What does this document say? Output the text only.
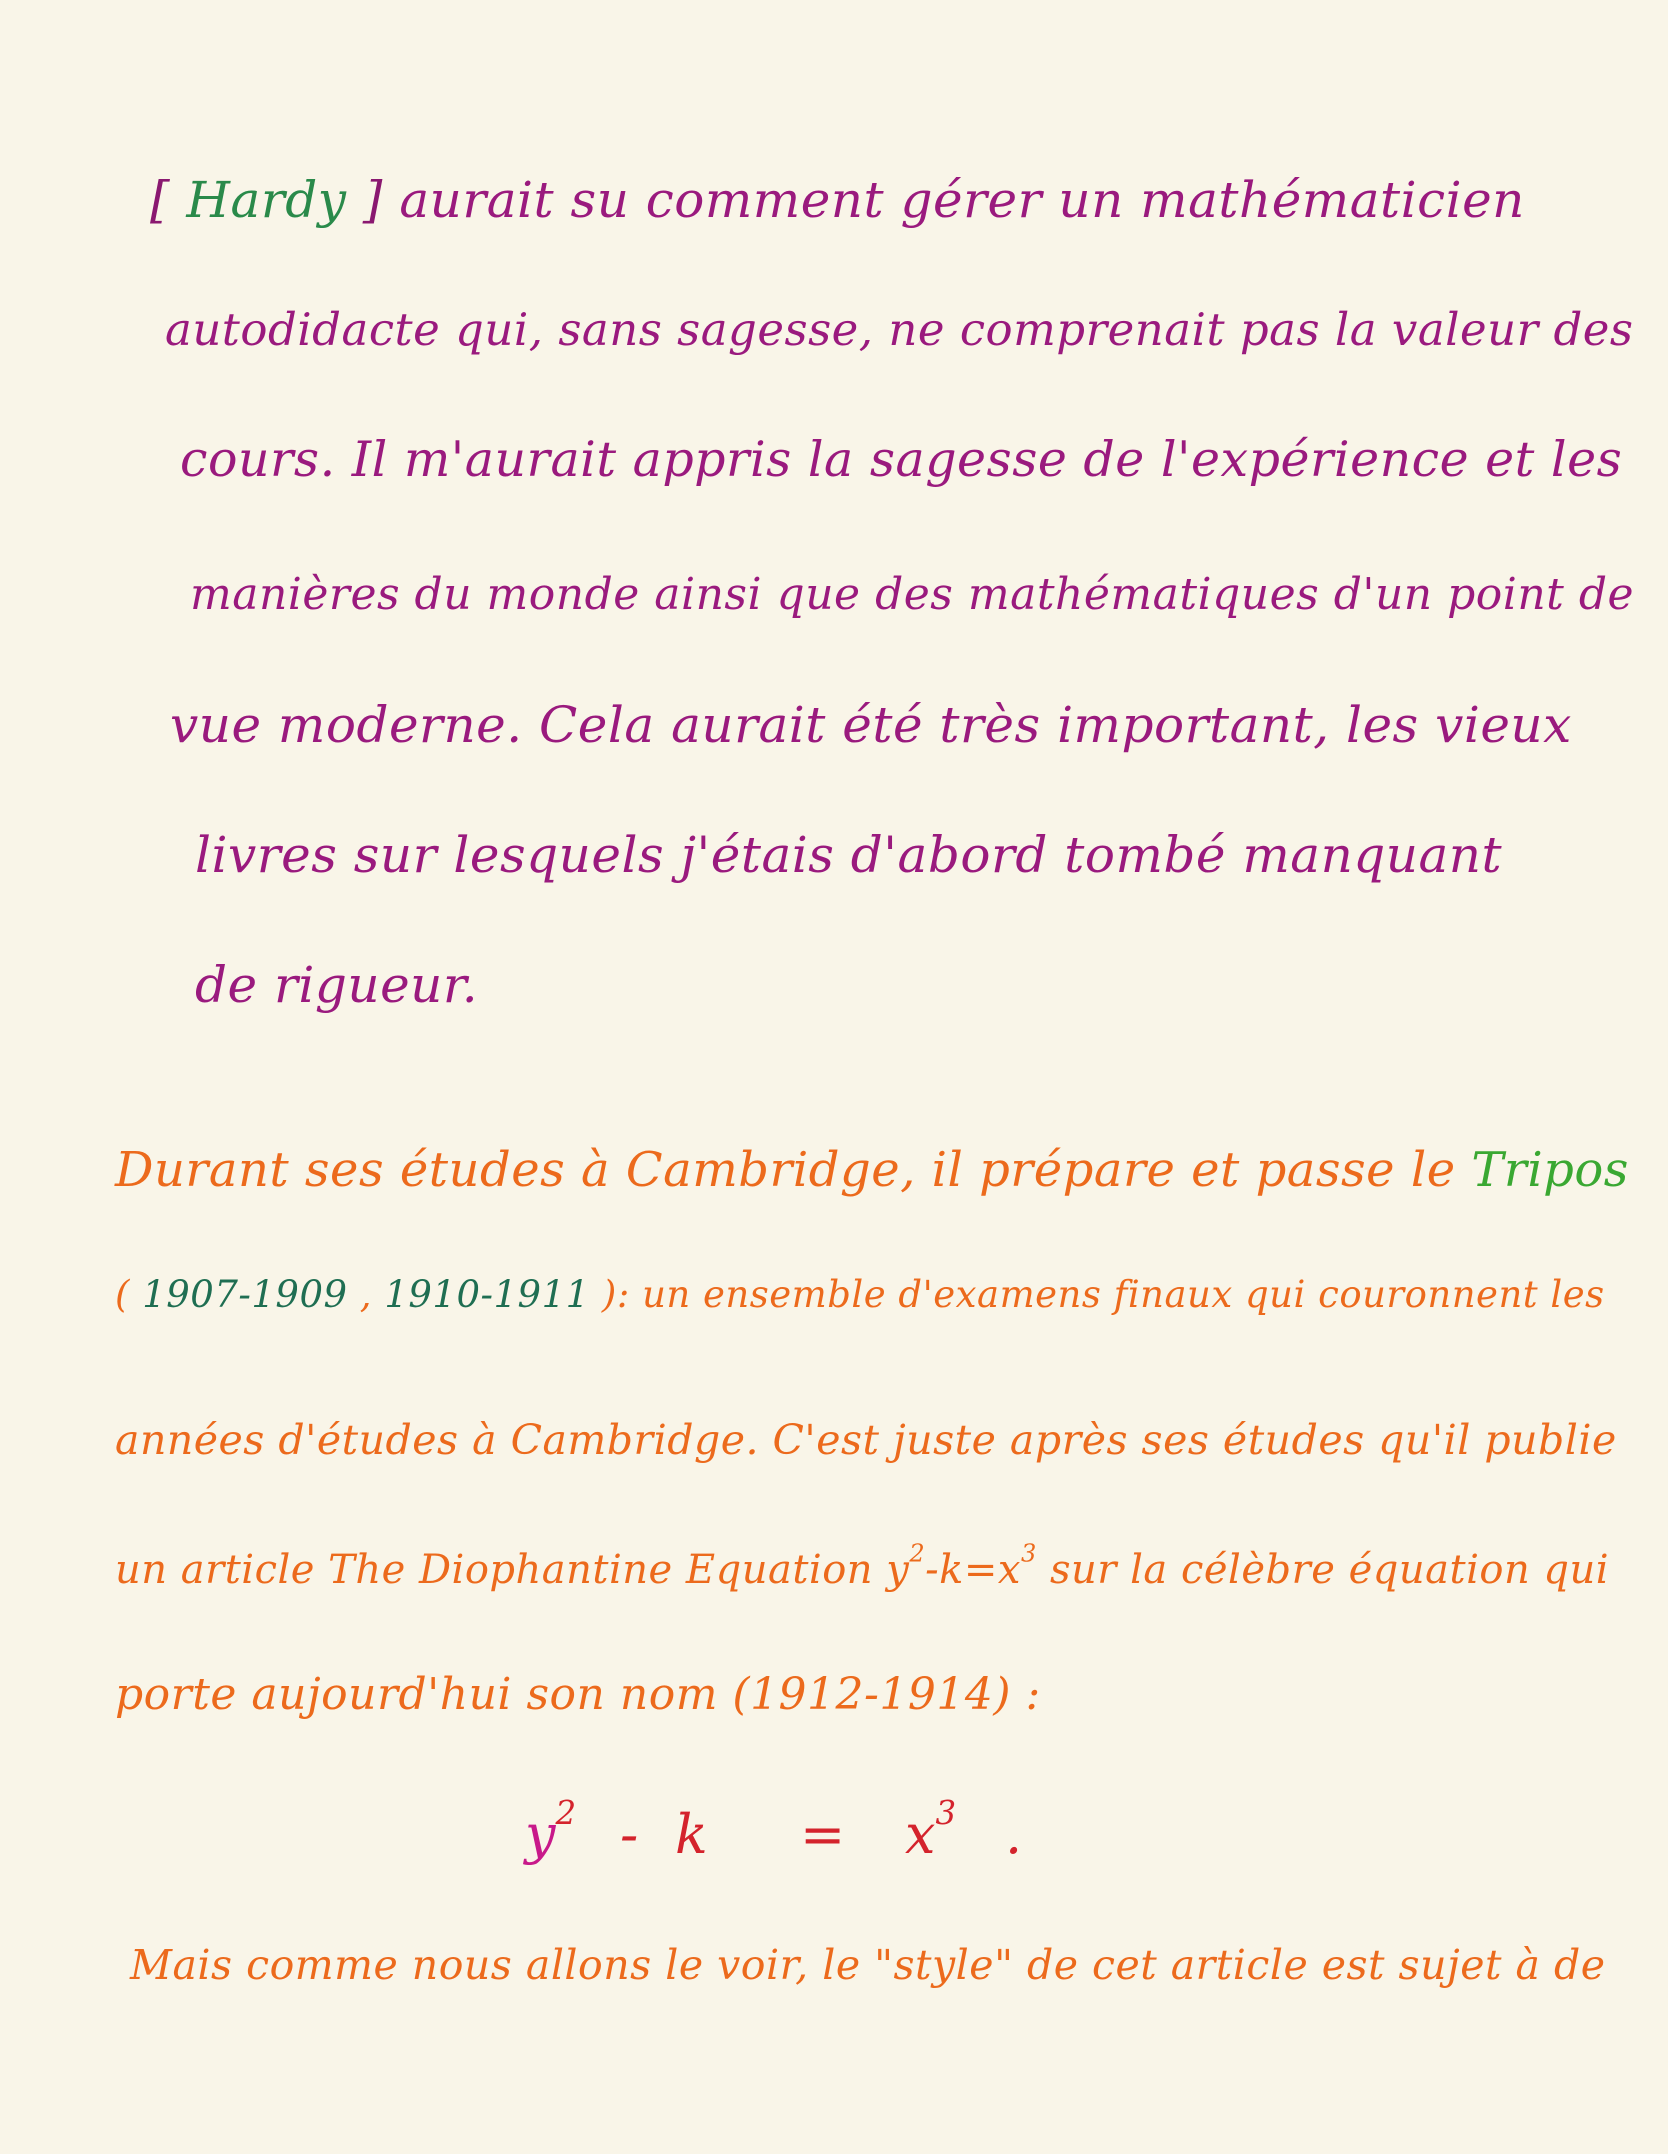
[ Hardy ] aurait su comment gérer un mathématicien
autodidacte qui, sans sagesse, ne comprenait pas la valeur des
cours. Il m'aurait appris la sagesse de l'expérience et les
manières du monde ainsi que des mathématiques d'un point de
vue moderne. Cela aurait été très important, les vieux
livres sur lesquels j'étais d'abord tombé manquant
de rigueur.
Durant ses études à Cambridge, il prépare et passe le Tripos
( 1907-1909 , 1910-1911 ): un ensemble d'examens finaux qui couronnent les
années d'études à Cambridge. C'est juste après ses études qu'il publie
un article The Diophantine Equation $y^2-k=x^3$ sur la célèbre équation qui
porte aujourd'hui son nom (1912-1914) :
$y^2 - k = x^3$ .
Mais comme nous allons le voir, le "style" de cet article est sujet à de
